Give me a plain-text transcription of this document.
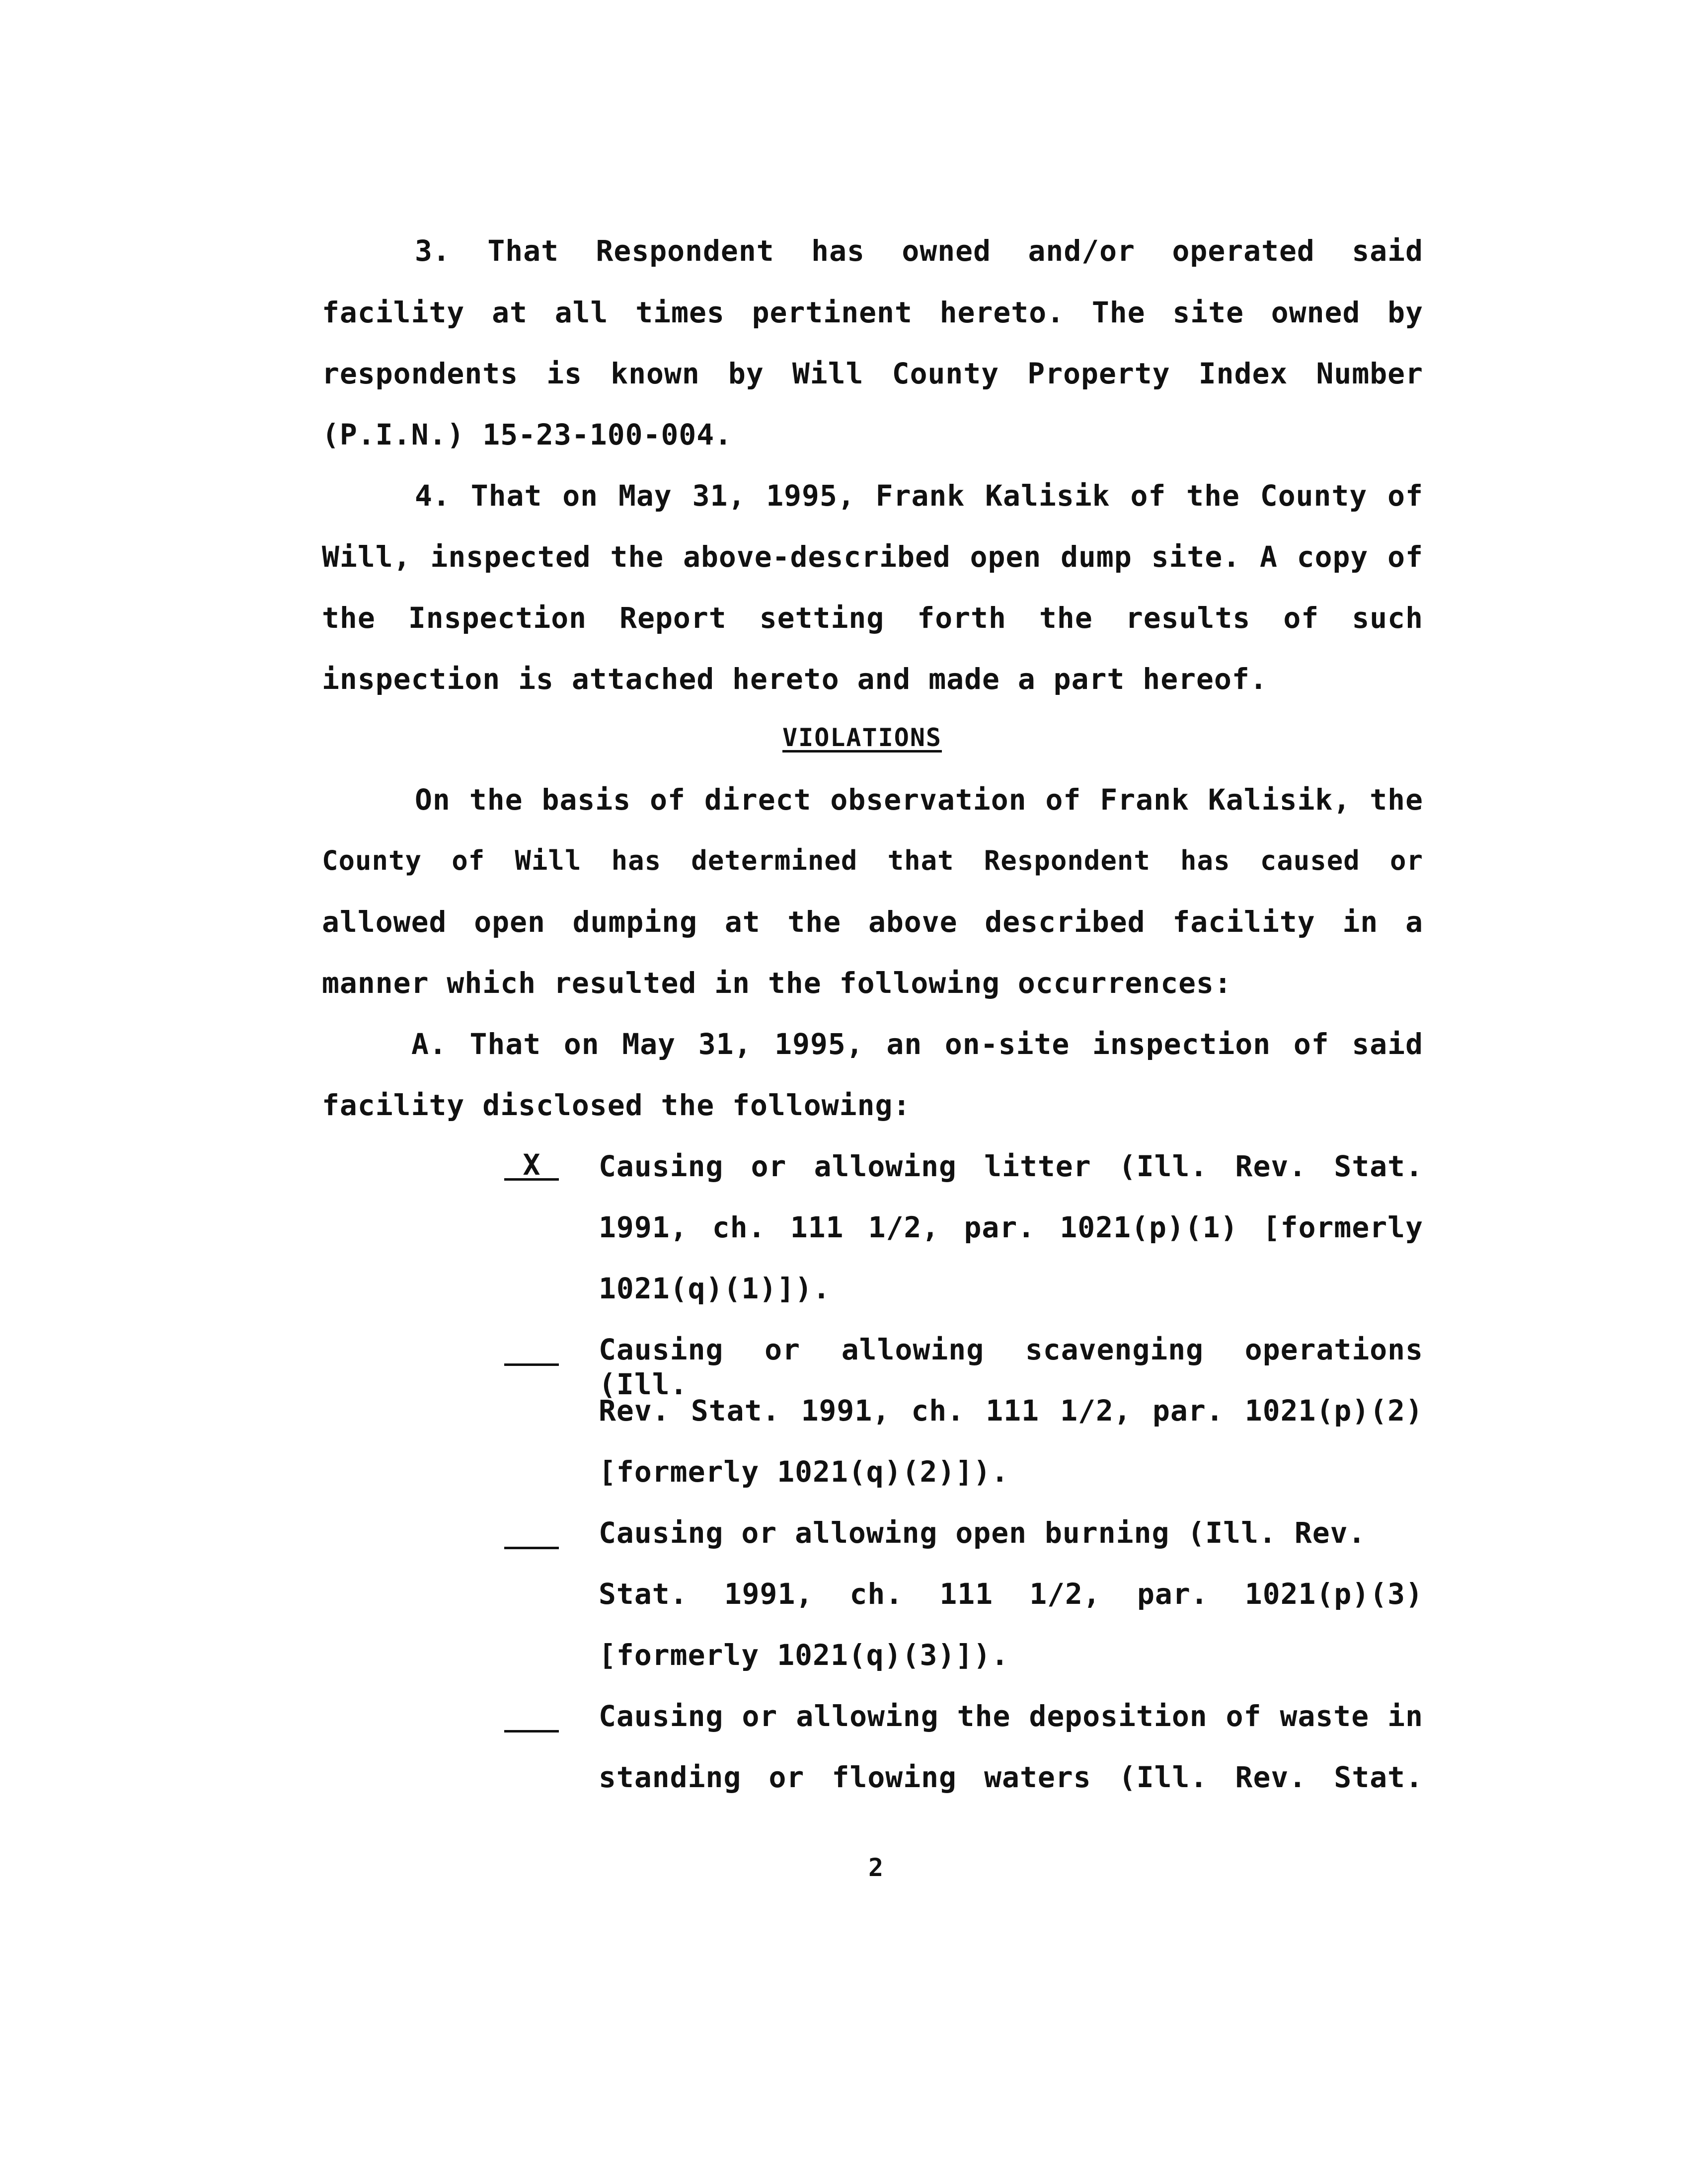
3. That Respondent has owned and/or operated said
facility at all times pertinent hereto. The site owned by
respondents is known by Will County Property Index Number
(P.I.N.) 15-23-100-004.
4. That on May 31, 1995, Frank Kalisik of the County of
Will, inspected the above-described open dump site. A copy of
the Inspection Report setting forth the results of such
inspection is attached hereto and made a part hereof.
VIOLATIONS
On the basis of direct observation of Frank Kalisik, the
County of Will has determined that Respondent has caused or
allowed open dumping at the above described facility in a
manner which resulted in the following occurrences:
A. That on May 31, 1995, an on-site inspection of said
facility disclosed the following:
X	Causing or allowing litter (Ill. Rev. Stat.
1991, ch. 111 1/2, par. 1021(p)(1) [formerly
1021(q)(1)]).
Causing or allowing scavenging operations (Ill.
Rev. Stat. 1991, ch. 111 1/2, par. 1021(p)(2)
[formerly 1021(q)(2)]).
Causing or allowing open burning (Ill. Rev.
Stat. 1991, ch. 111 1/2, par. 1021(p)(3)
[formerly 1021(q)(3)]).
Causing or allowing the deposition of waste in
standing or flowing waters (Ill. Rev. Stat.
2
